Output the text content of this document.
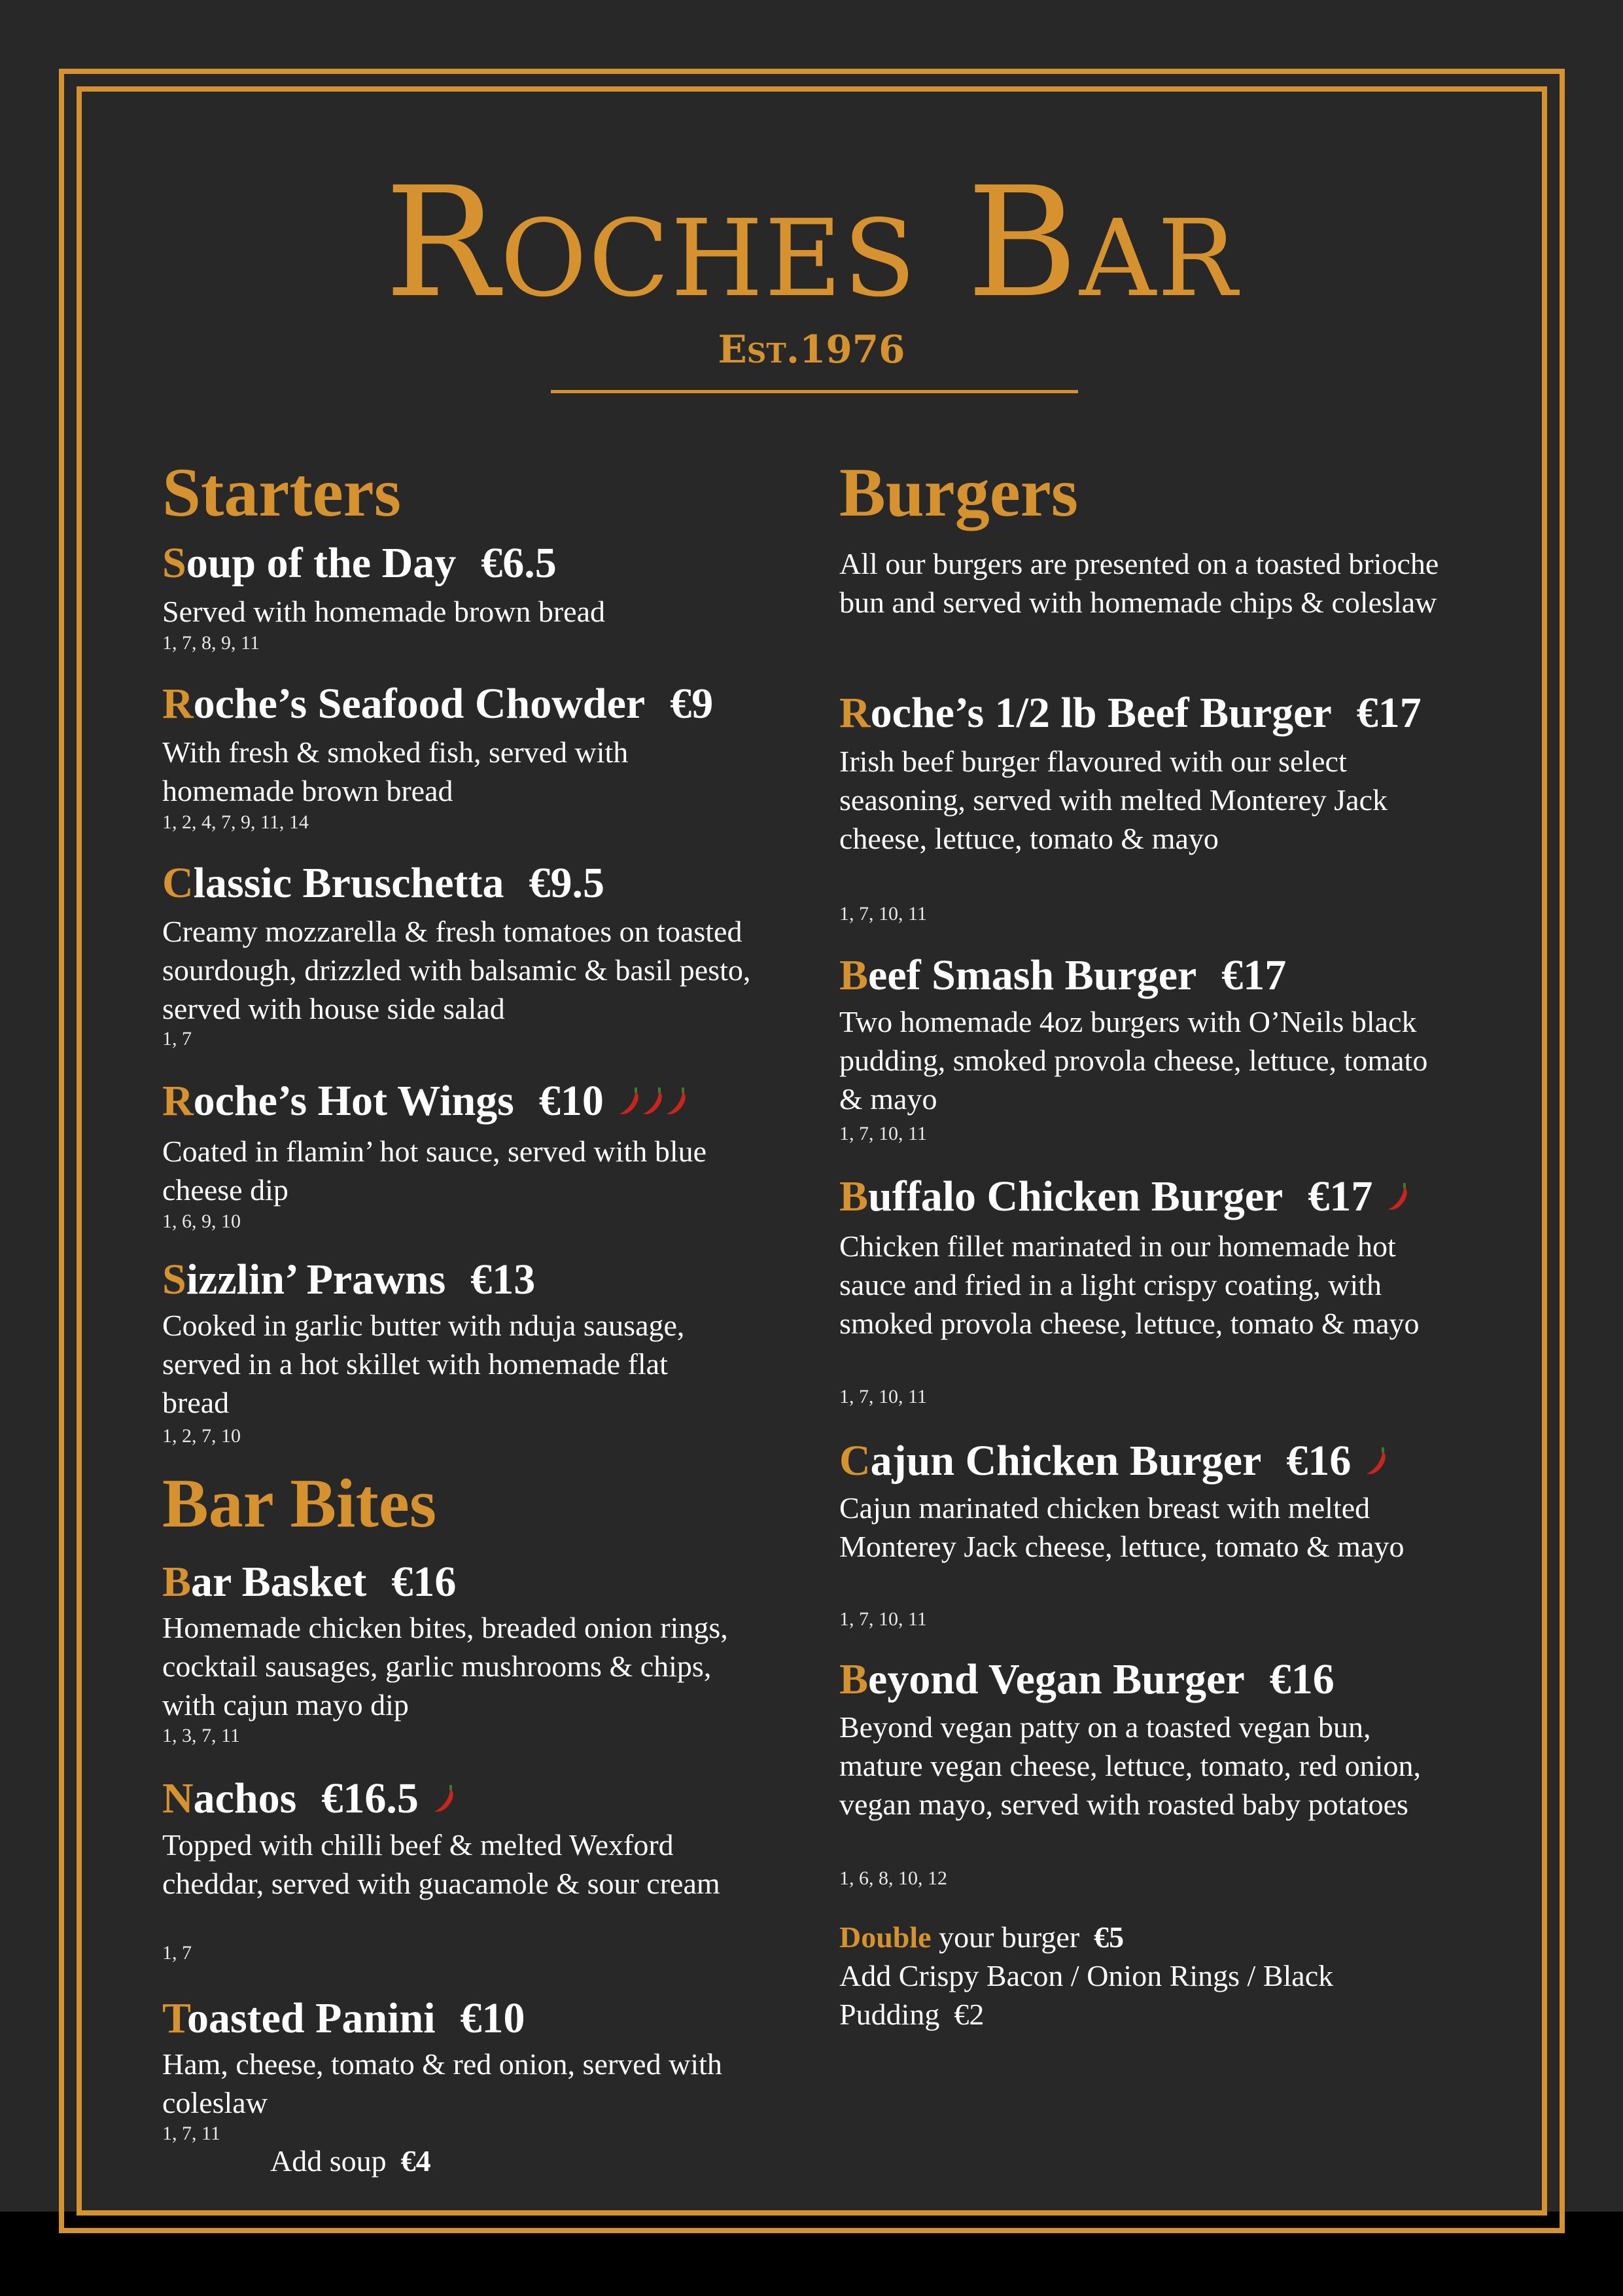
Roches Bar
Est.1976
Starters
Soup of the Day €6.5
Served with homemade brown bread
1, 7, 8, 9, 11
Roche’s Seafood Chowder €9
With fresh & smoked fish, served with homemade brown bread
1, 2, 4, 7, 9, 11, 14
Classic Bruschetta €9.5
Creamy mozzarella & fresh tomatoes on toasted sourdough, drizzled with balsamic & basil pesto, served with house side salad
1, 7
Roche’s Hot Wings €10
Coated in flamin’ hot sauce, served with blue cheese dip
1, 6, 9, 10
Sizzlin’ Prawns €13
Cooked in garlic butter with nduja sausage, served in a hot skillet with homemade flat bread
1, 2, 7, 10
Bar Bites
Bar Basket €16
Homemade chicken bites, breaded onion rings, cocktail sausages, garlic mushrooms & chips, with cajun mayo dip
1, 3, 7, 11
Nachos €16.5
Topped with chilli beef & melted Wexford cheddar, served with guacamole & sour cream
1, 7
Toasted Panini €10
Ham, cheese, tomato & red onion, served with coleslaw
1, 7, 11
Add soup €4
Burgers
All our burgers are presented on a toasted brioche bun and served with homemade chips & coleslaw
Roche’s 1/2 lb Beef Burger €17
Irish beef burger flavoured with our select seasoning, served with melted Monterey Jack cheese, lettuce, tomato & mayo
1, 7, 10, 11
Beef Smash Burger €17
Two homemade 4oz burgers with O’Neils black pudding, smoked provola cheese, lettuce, tomato & mayo
1, 7, 10, 11
Buffalo Chicken Burger €17
Chicken fillet marinated in our homemade hot sauce and fried in a light crispy coating, with smoked provola cheese, lettuce, tomato & mayo
1, 7, 10, 11
Cajun Chicken Burger €16
Cajun marinated chicken breast with melted Monterey Jack cheese, lettuce, tomato & mayo
1, 7, 10, 11
Beyond Vegan Burger €16
Beyond vegan patty on a toasted vegan bun, mature vegan cheese, lettuce, tomato, red onion, vegan mayo, served with roasted baby potatoes
1, 6, 8, 10, 12
Double your burger €5
Add Crispy Bacon / Onion Rings / Black Pudding €2
